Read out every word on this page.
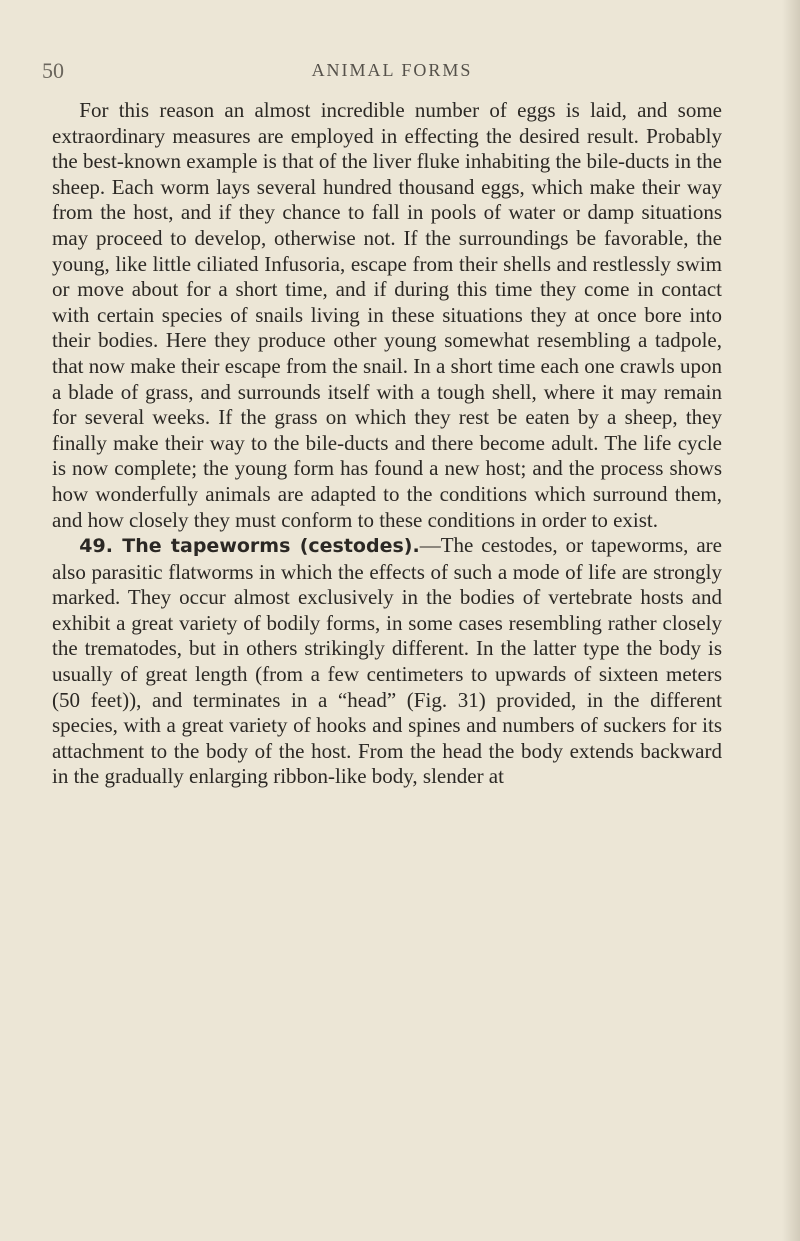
50	ANIMAL FORMS

For this reason an almost incredible number of eggs is laid, and some extraordinary measures are employed in effecting the desired result. Probably the best-known example is that of the liver fluke inhabiting the bile-ducts in the sheep. Each worm lays several hundred thousand eggs, which make their way from the host, and if they chance to fall in pools of water or damp situations may proceed to develop, otherwise not. If the surroundings be favorable, the young, like little ciliated Infusoria, escape from their shells and restlessly swim or move about for a short time, and if during this time they come in contact with certain species of snails living in these situations they at once bore into their bodies. Here they produce other young somewhat resembling a tadpole, that now make their escape from the snail. In a short time each one crawls upon a blade of grass, and surrounds itself with a tough shell, where it may remain for several weeks. If the grass on which they rest be eaten by a sheep, they finally make their way to the bile-ducts and there become adult. The life cycle is now complete; the young form has found a new host; and the process shows how wonderfully animals are adapted to the conditions which surround them, and how closely they must conform to these conditions in order to exist.

49. The tapeworms (cestodes).—The cestodes, or tapeworms, are also parasitic flatworms in which the effects of such a mode of life are strongly marked. They occur almost exclusively in the bodies of vertebrate hosts and exhibit a great variety of bodily forms, in some cases resembling rather closely the trematodes, but in others strikingly different. In the latter type the body is usually of great length (from a few centimeters to upwards of sixteen meters (50 feet)), and terminates in a “head” (Fig. 31) provided, in the different species, with a great variety of hooks and spines and numbers of suckers for its attachment to the body of the host. From the head the body extends backward in the gradually enlarging ribbon-like body, slender at
